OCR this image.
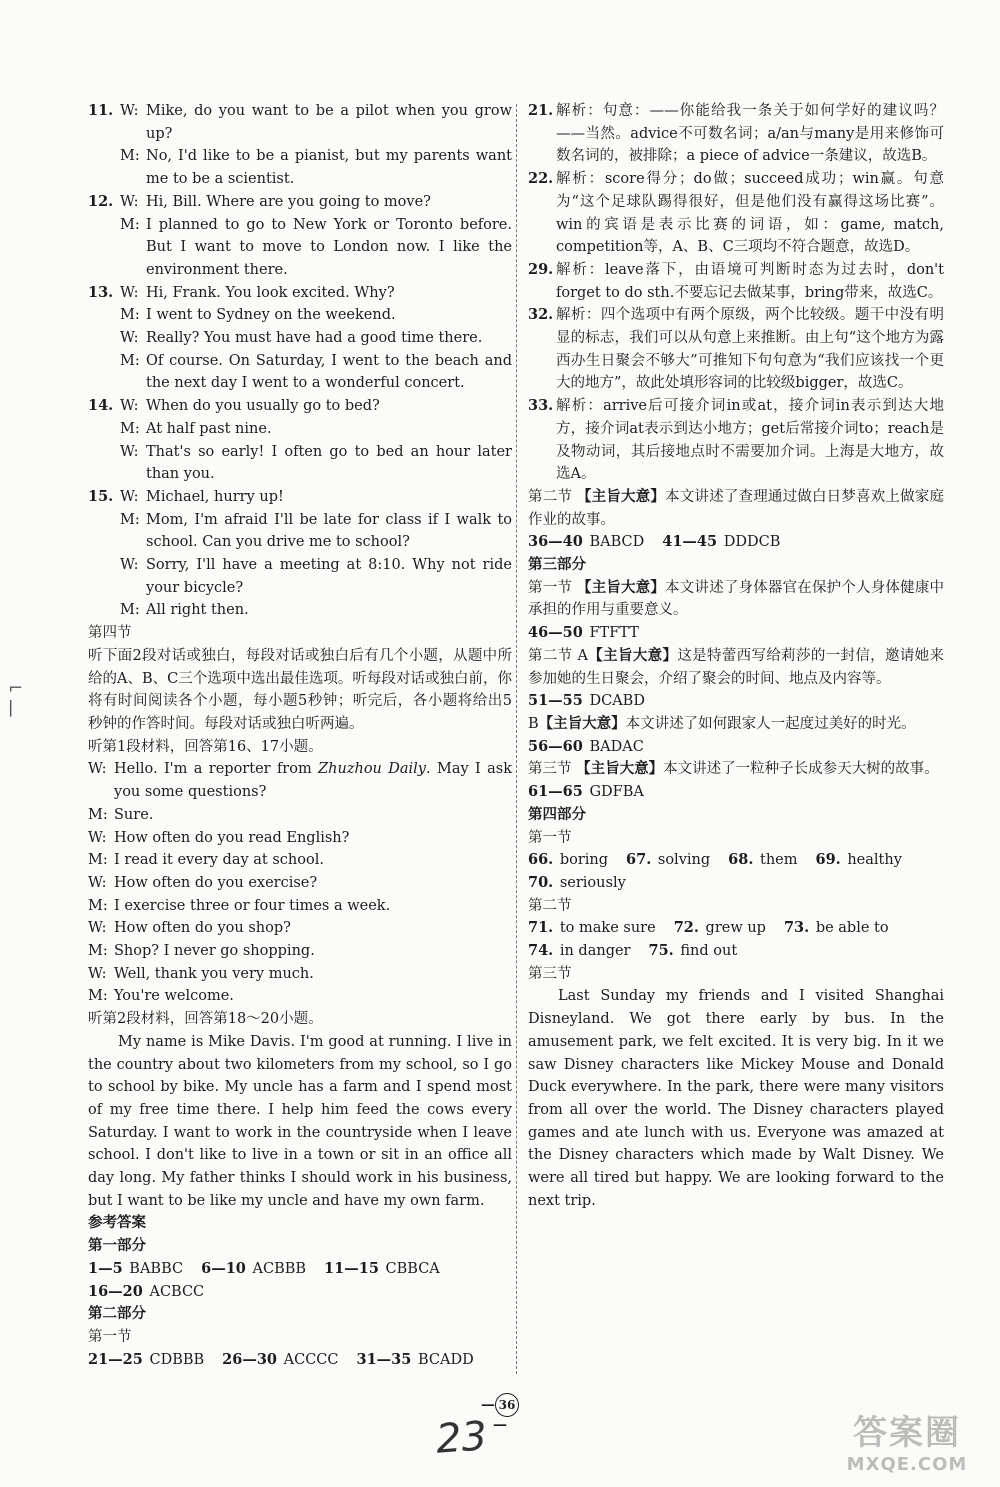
⌐
∣
11. W: Mike, do you want to be a pilot when you grow up?
M: No, I'd like to be a pianist, but my parents want me to be a scientist.
12. W: Hi, Bill. Where are you going to move?
M: I planned to go to New York or Toronto before. But I want to move to London now. I like the environment there.
13. W: Hi, Frank. You look excited. Why?
M: I went to Sydney on the weekend.
W: Really? You must have had a good time there.
M: Of course. On Saturday, I went to the beach and the next day I went to a wonderful concert.
14. W: When do you usually go to bed?
M: At half past nine.
W: That's so early! I often go to bed an hour later than you.
15. W: Michael, hurry up!
M: Mom, I'm afraid I'll be late for class if I walk to school. Can you drive me to school?
W: Sorry, I'll have a meeting at 8:10. Why not ride your bicycle?
M: All right then.
第四节
听下面2段对话或独白，每段对话或独白后有几个小题，从题中所给的A、B、C三个选项中选出最佳选项。听每段对话或独白前，你将有时间阅读各个小题，每小题5秒钟；听完后，各小题将给出5秒钟的作答时间。每段对话或独白听两遍。
听第1段材料，回答第16、17小题。
W: Hello. I'm a reporter from Zhuzhou Daily. May I ask you some questions?
M: Sure.
W: How often do you read English?
M: I read it every day at school.
W: How often do you exercise?
M: I exercise three or four times a week.
W: How often do you shop?
M: Shop? I never go shopping.
W: Well, thank you very much.
M: You're welcome.
听第2段材料，回答第18～20小题。
My name is Mike Davis. I'm good at running. I live in the country about two kilometers from my school, so I go to school by bike. My uncle has a farm and I spend most of my free time there. I help him feed the cows every Saturday. I want to work in the countryside when I leave school. I don't like to live in a town or sit in an office all day long. My father thinks I should work in his business, but I want to be like my uncle and have my own farm.
参考答案
第一部分
1—5 BABBC 6—10 ACBBB 11—15 CBBCA
16—20 ACBCC
第二部分
第一节
21—25 CDBBB 26—30 ACCCC 31—35 BCADD
21. 解析：句意：——你能给我一条关于如何学好的建议吗？——当然。advice不可数名词；a/an与many是用来修饰可数名词的，被排除；a piece of advice一条建议，故选B。
22. 解析：score得分；do做；succeed成功；win赢。句意为“这个足球队踢得很好，但是他们没有赢得这场比赛”。win的宾语是表示比赛的词语，如：game, match, competition等，A、B、C三项均不符合题意，故选D。
29. 解析：leave落下，由语境可判断时态为过去时，don't forget to do sth.不要忘记去做某事，bring带来，故选C。
32. 解析：四个选项中有两个原级，两个比较级。题干中没有明显的标志，我们可以从句意上来推断。由上句“这个地方为露西办生日聚会不够大”可推知下句句意为“我们应该找一个更大的地方”，故此处填形容词的比较级bigger，故选C。
33. 解析：arrive后可接介词in或at，接介词in表示到达大地方，接介词at表示到达小地方；get后常接介词to；reach是及物动词，其后接地点时不需要加介词。上海是大地方，故选A。
第二节 【主旨大意】本文讲述了查理通过做白日梦喜欢上做家庭作业的故事。
36—40 BABCD 41—45 DDDCB
第三部分
第一节 【主旨大意】本文讲述了身体器官在保护个人身体健康中承担的作用与重要意义。
46—50 FTFTT
第二节 A【主旨大意】这是特蕾西写给莉莎的一封信，邀请她来参加她的生日聚会，介绍了聚会的时间、地点及内容等。
51—55 DCABD
B【主旨大意】本文讲述了如何跟家人一起度过美好的时光。
56—60 BADAC
第三节 【主旨大意】本文讲述了一粒种子长成参天大树的故事。
61—65 GDFBA
第四部分
第一节
66. boring 67. solving 68. them 69. healthy
70. seriously
第二节
71. to make sure 72. grew up 73. be able to
74. in danger 75. find out
第三节
Last Sunday my friends and I visited Shanghai Disneyland. We got there early by bus. In the amusement park, we felt excited. It is very big. In it we saw Disney characters like Mickey Mouse and Donald Duck everywhere. In the park, there were many visitors from all over the world. The Disney characters played games and ate lunch with us. Everyone was amazed at the Disney characters which made by Walt Disney. We were all tired but happy. We are looking forward to the next trip.
— 36—
23	答案圈
MXQE.COM
